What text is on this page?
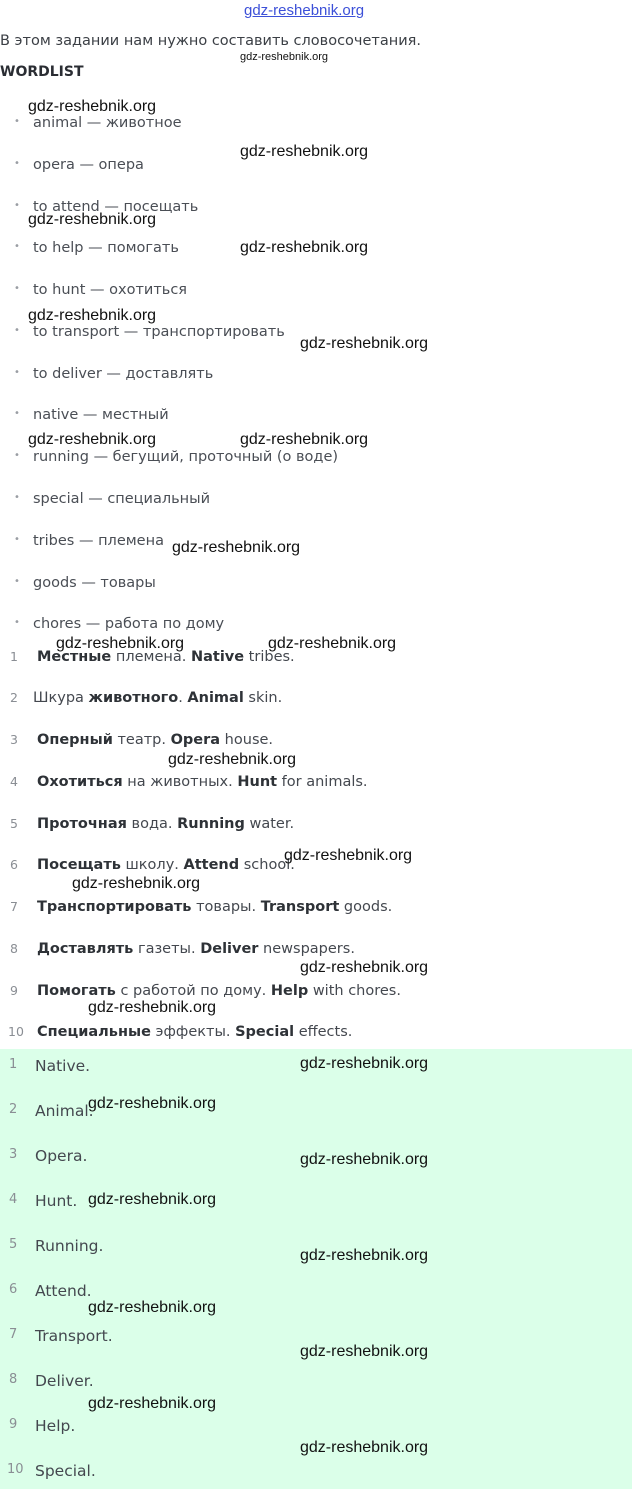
gdz-reshebnik.org
В этом задании нам нужно составить словосочетания.
WORDLIST
• animal — животное
• opera — опера
• to attend — посещать
• to help — помогать
• to hunt — охотиться
• to transport — транспортировать
• to deliver — доставлять
• native — местный
• running — бегущий, проточный (о воде)
• special — специальный
• tribes — племена
• goods — товары
• chores — работа по дому
1	Местные племена. Native tribes.
2	Шкура животного. Animal skin.
3	Оперный театр. Opera house.
4	Охотиться на животных. Hunt for animals.
5	Проточная вода. Running water.
6	Посещать школу. Attend school.
7	Транспортировать товары. Transport goods.
8	Доставлять газеты. Deliver newspapers.
9	Помогать с работой по дому. Help with chores.
10 Специальные эффекты. Special effects.
1	Native.
2	Animal.
3	Opera.
4	Hunt.
5	Running.
6	Attend.
7	Transport.
8	Deliver.
9	Help.
10 Special.
gdz-reshebnik.org
gdz-reshebnik.org
gdz-reshebnik.org
gdz-reshebnik.org
gdz-reshebnik.org
gdz-reshebnik.org
gdz-reshebnik.org
gdz-reshebnik.org	gdz-reshebnik.org
gdz-reshebnik.org
gdz-reshebnik.org	gdz-reshebnik.org
gdz-reshebnik.org
gdz-reshebnik.org
gdz-reshebnik.org
gdz-reshebnik.org
gdz-reshebnik.org
gdz-reshebnik.org
gdz-reshebnik.org
gdz-reshebnik.org
gdz-reshebnik.org
gdz-reshebnik.org
gdz-reshebnik.org
gdz-reshebnik.org
gdz-reshebnik.org
gdz-reshebnik.org
